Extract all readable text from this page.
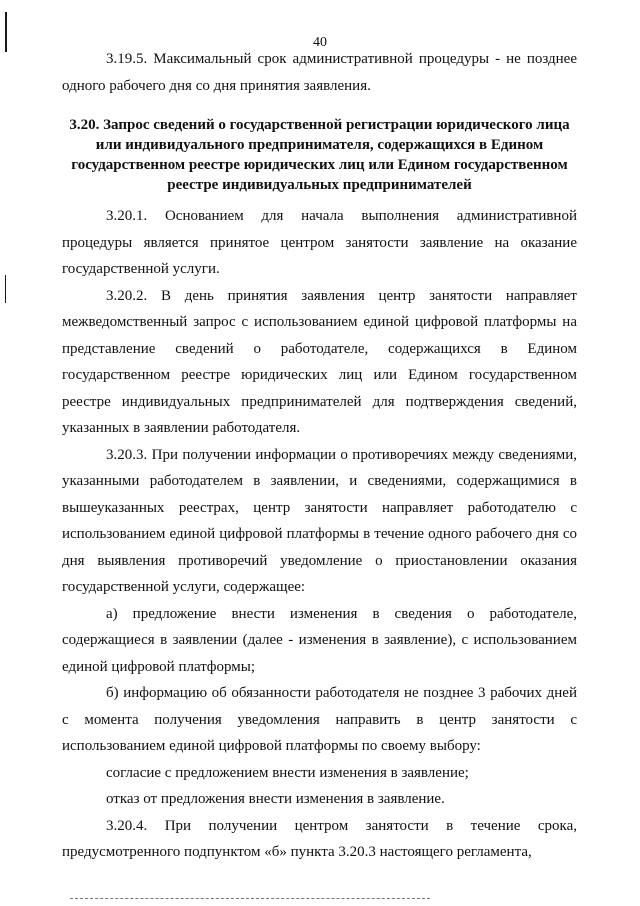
40

3.19.5. Максимальный срок административной процедуры - не позднее одного рабочего дня со дня принятия заявления.

3.20. Запрос сведений о государственной регистрации юридического лица или индивидуального предпринимателя, содержащихся в Едином государственном реестре юридических лиц или Едином государственном реестре индивидуальных предпринимателей

3.20.1. Основанием для начала выполнения административной процедуры является принятое центром занятости заявление на оказание государственной услуги.

3.20.2. В день принятия заявления центр занятости направляет межведомственный запрос с использованием единой цифровой платформы на представление сведений о работодателе, содержащихся в Едином государственном реестре юридических лиц или Едином государственном реестре индивидуальных предпринимателей для подтверждения сведений, указанных в заявлении работодателя.

3.20.3. При получении информации о противоречиях между сведениями, указанными работодателем в заявлении, и сведениями, содержащимися в вышеуказанных реестрах, центр занятости направляет работодателю с использованием единой цифровой платформы в течение одного рабочего дня со дня выявления противоречий уведомление о приостановлении оказания государственной услуги, содержащее:

а) предложение внести изменения в сведения о работодателе, содержащиеся в заявлении (далее - изменения в заявление), с использованием единой цифровой платформы;

б) информацию об обязанности работодателя не позднее 3 рабочих дней с момента получения уведомления направить в центр занятости с использованием единой цифровой платформы по своему выбору:

согласие с предложением внести изменения в заявление;

отказ от предложения внести изменения в заявление.

3.20.4. При получении центром занятости в течение срока, предусмотренного подпунктом «б» пункта 3.20.3 настоящего регламента,
